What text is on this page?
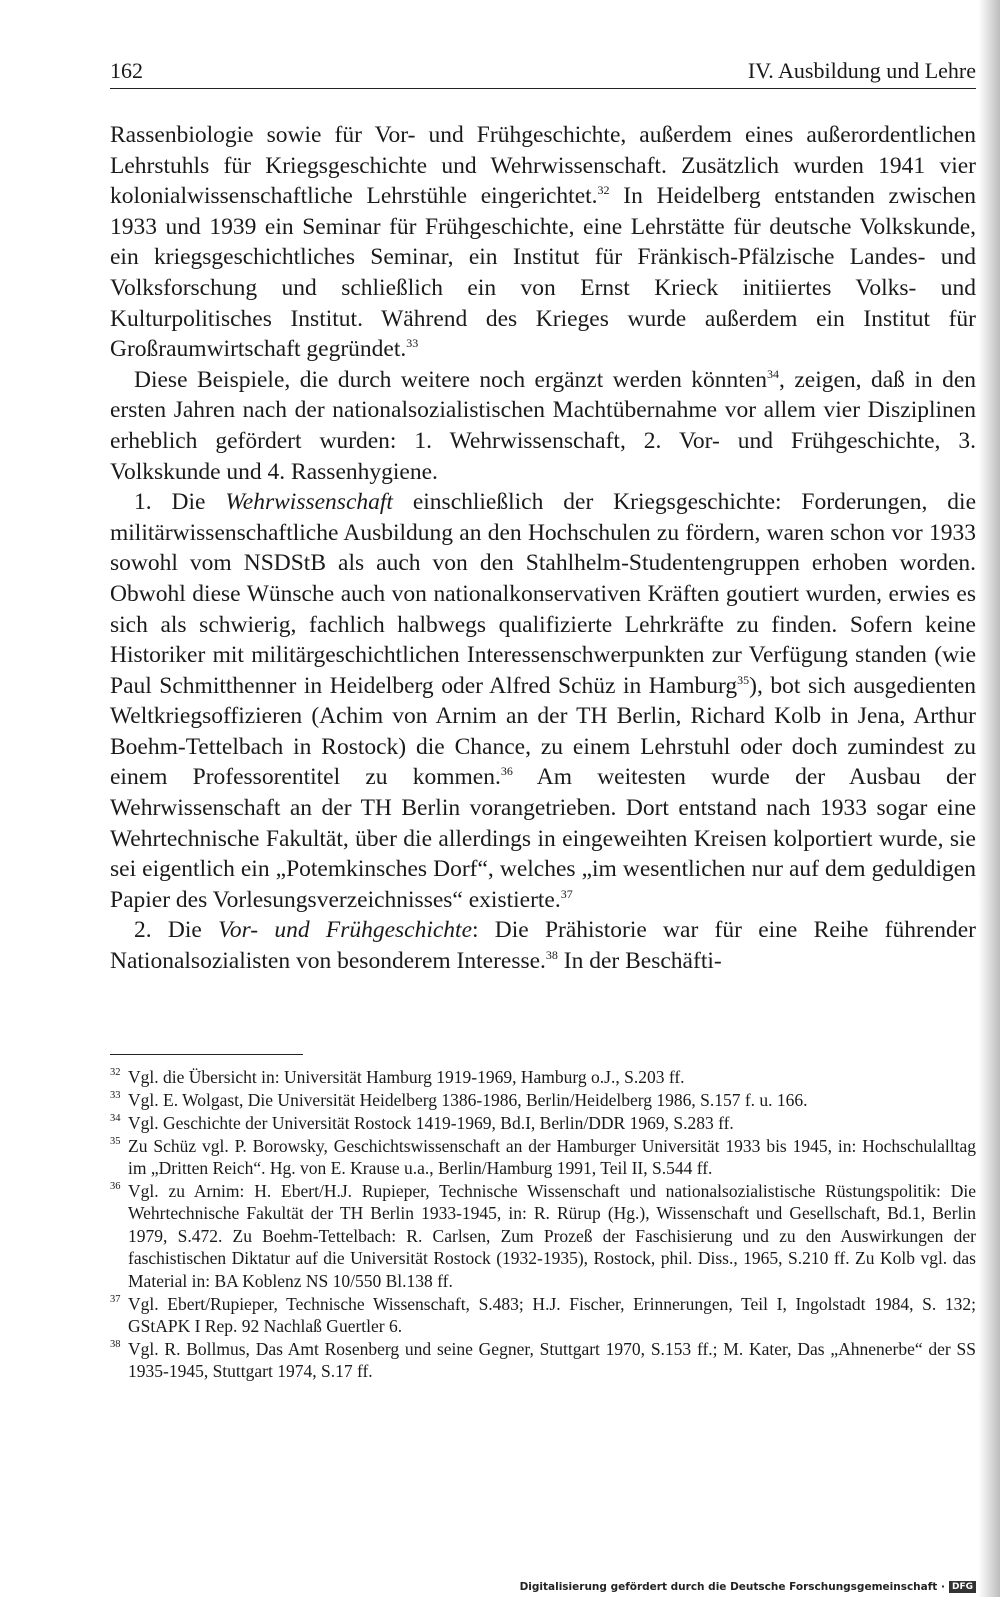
162	IV. Ausbildung und Lehre

Rassenbiologie sowie für Vor- und Frühgeschichte, außerdem eines außerordentlichen Lehrstuhls für Kriegsgeschichte und Wehrwissenschaft. Zusätzlich wurden 1941 vier kolonialwissenschaftliche Lehrstühle eingerichtet.$^{32}$ In Heidelberg entstanden zwischen 1933 und 1939 ein Seminar für Frühgeschichte, eine Lehrstätte für deutsche Volkskunde, ein kriegsgeschichtliches Seminar, ein Institut für Fränkisch-Pfälzische Landes- und Volksforschung und schließlich ein von Ernst Krieck initiiertes Volks- und Kulturpolitisches Institut. Während des Krieges wurde außerdem ein Institut für Großraumwirtschaft gegründet.$^{33}$

Diese Beispiele, die durch weitere noch ergänzt werden könnten$^{34}$, zeigen, daß in den ersten Jahren nach der nationalsozialistischen Machtübernahme vor allem vier Disziplinen erheblich gefördert wurden: 1. Wehrwissenschaft, 2. Vor- und Frühgeschichte, 3. Volkskunde und 4. Rassenhygiene.

1. Die Wehrwissenschaft einschließlich der Kriegsgeschichte: Forderungen, die militärwissenschaftliche Ausbildung an den Hochschulen zu fördern, waren schon vor 1933 sowohl vom NSDStB als auch von den Stahlhelm-Studentengruppen erhoben worden. Obwohl diese Wünsche auch von nationalkonservativen Kräften goutiert wurden, erwies es sich als schwierig, fachlich halbwegs qualifizierte Lehrkräfte zu finden. Sofern keine Historiker mit militärgeschichtlichen Interessenschwerpunkten zur Verfügung standen (wie Paul Schmitthenner in Heidelberg oder Alfred Schüz in Hamburg$^{35}$), bot sich ausgedienten Weltkriegsoffizieren (Achim von Arnim an der TH Berlin, Richard Kolb in Jena, Arthur Boehm-Tettelbach in Rostock) die Chance, zu einem Lehrstuhl oder doch zumindest zu einem Professorentitel zu kommen.$^{36}$ Am weitesten wurde der Ausbau der Wehrwissenschaft an der TH Berlin vorangetrieben. Dort entstand nach 1933 sogar eine Wehrtechnische Fakultät, über die allerdings in eingeweihten Kreisen kolportiert wurde, sie sei eigentlich ein „Potemkinsches Dorf“, welches „im wesentlichen nur auf dem geduldigen Papier des Vorlesungsverzeichnisses“ existierte.$^{37}$

2. Die Vor- und Frühgeschichte: Die Prähistorie war für eine Reihe führender Nationalsozialisten von besonderem Interesse.$^{38}$ In der Beschäfti-

32 Vgl. die Übersicht in: Universität Hamburg 1919-1969, Hamburg o.J., S.203 ff.
33 Vgl. E. Wolgast, Die Universität Heidelberg 1386-1986, Berlin/Heidelberg 1986, S.157 f. u. 166.
34 Vgl. Geschichte der Universität Rostock 1419-1969, Bd.I, Berlin/DDR 1969, S.283 ff.
35 Zu Schüz vgl. P. Borowsky, Geschichtswissenschaft an der Hamburger Universität 1933 bis 1945, in: Hochschulalltag im „Dritten Reich“. Hg. von E. Krause u.a., Berlin/Hamburg 1991, Teil II, S.544 ff.
36 Vgl. zu Arnim: H. Ebert/H.J. Rupieper, Technische Wissenschaft und nationalsozialistische Rüstungspolitik: Die Wehrtechnische Fakultät der TH Berlin 1933-1945, in: R. Rürup (Hg.), Wissenschaft und Gesellschaft, Bd.1, Berlin 1979, S.472. Zu Boehm-Tettelbach: R. Carlsen, Zum Prozeß der Faschisierung und zu den Auswirkungen der faschistischen Diktatur auf die Universität Rostock (1932-1935), Rostock, phil. Diss., 1965, S.210 ff. Zu Kolb vgl. das Material in: BA Koblenz NS 10/550 Bl.138 ff.
37 Vgl. Ebert/Rupieper, Technische Wissenschaft, S.483; H.J. Fischer, Erinnerungen, Teil I, Ingolstadt 1984, S. 132; GStAPK I Rep. 92 Nachlaß Guertler 6.
38 Vgl. R. Bollmus, Das Amt Rosenberg und seine Gegner, Stuttgart 1970, S.153 ff.; M. Kater, Das „Ahnenerbe“ der SS 1935-1945, Stuttgart 1974, S.17 ff.
Digitalisierung gefördert durch die Deutsche Forschungsgemeinschaft · DFG
